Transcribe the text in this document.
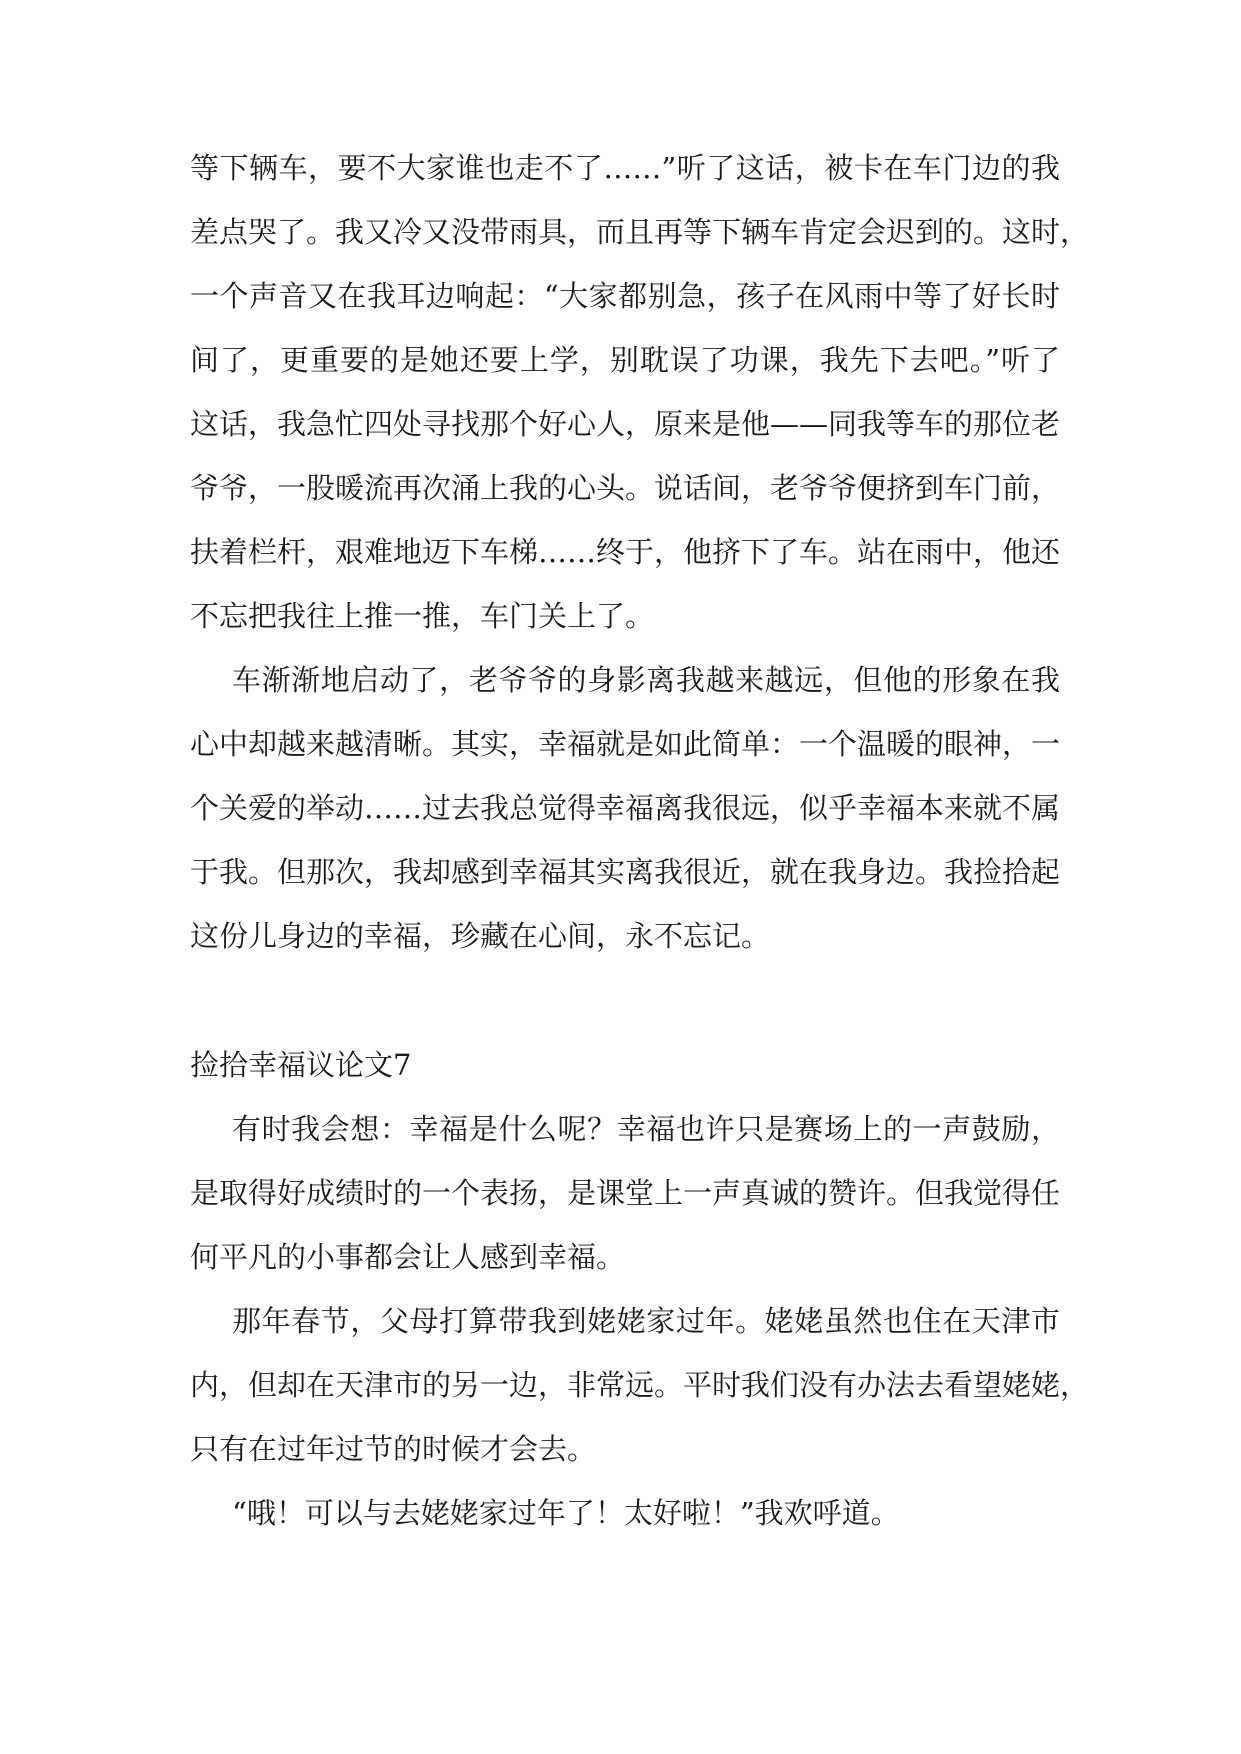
等下辆车，要不大家谁也走不了……”听了这话，被卡在车门边的我
差点哭了。我又冷又没带雨具，而且再等下辆车肯定会迟到的。这时，
一个声音又在我耳边响起：“大家都别急，孩子在风雨中等了好长时
间了，更重要的是她还要上学，别耽误了功课，我先下去吧。”听了
这话，我急忙四处寻找那个好心人，原来是他——同我等车的那位老
爷爷，一股暖流再次涌上我的心头。说话间，老爷爷便挤到车门前，
扶着栏杆，艰难地迈下车梯……终于，他挤下了车。站在雨中，他还
不忘把我往上推一推，车门关上了。
车渐渐地启动了，老爷爷的身影离我越来越远，但他的形象在我
心中却越来越清晰。其实，幸福就是如此简单：一个温暖的眼神，一
个关爱的举动……过去我总觉得幸福离我很远，似乎幸福本来就不属
于我。但那次，我却感到幸福其实离我很近，就在我身边。我捡拾起
这份儿身边的幸福，珍藏在心间，永不忘记。
捡拾幸福议论文7
有时我会想：幸福是什么呢？幸福也许只是赛场上的一声鼓励，
是取得好成绩时的一个表扬，是课堂上一声真诚的赞许。但我觉得任
何平凡的小事都会让人感到幸福。
那年春节，父母打算带我到姥姥家过年。姥姥虽然也住在天津市
内，但却在天津市的另一边，非常远。平时我们没有办法去看望姥姥，
只有在过年过节的时候才会去。
“哦！可以与去姥姥家过年了！太好啦！”我欢呼道。
